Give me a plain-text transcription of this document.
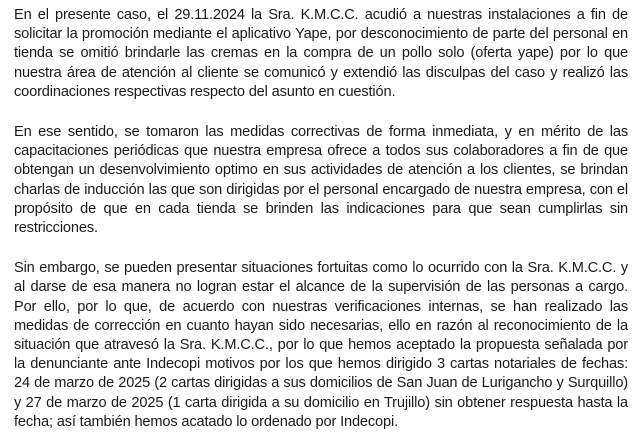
En el presente caso, el 29.11.2024 la Sra. K.M.C.C. acudió a nuestras instalaciones a fin de solicitar la promoción mediante el aplicativo Yape, por desconocimiento de parte del personal en tienda se omitió brindarle las cremas en la compra de un pollo solo (oferta yape) por lo que nuestra área de atención al cliente se comunicó y extendió las disculpas del caso y realizó las coordinaciones respectivas respecto del asunto en cuestión.

En ese sentido, se tomaron las medidas correctivas de forma inmediata, y en mérito de las capacitaciones periódicas que nuestra empresa ofrece a todos sus colaboradores a fin de que obtengan un desenvolvimiento optimo en sus actividades de atención a los clientes, se brindan charlas de inducción las que son dirigidas por el personal encargado de nuestra empresa, con el propósito de que en cada tienda se brinden las indicaciones para que sean cumplirlas sin restricciones.

Sin embargo, se pueden presentar situaciones fortuitas como lo ocurrido con la Sra. K.M.C.C. y al darse de esa manera no logran estar el alcance de la supervisión de las personas a cargo. Por ello, por lo que, de acuerdo con nuestras verificaciones internas, se han realizado las medidas de corrección en cuanto hayan sido necesarias, ello en razón al reconocimiento de la situación que atravesó la Sra. K.M.C.C., por lo que hemos aceptado la propuesta señalada por la denunciante ante Indecopi motivos por los que hemos dirigido 3 cartas notariales de fechas: 24 de marzo de 2025 (2 cartas dirigidas a sus domicilios de San Juan de Lurigancho y Surquillo) y 27 de marzo de 2025 (1 carta dirigida a su domicilio en Trujillo) sin obtener respuesta hasta la fecha; así también hemos acatado lo ordenado por Indecopi.
